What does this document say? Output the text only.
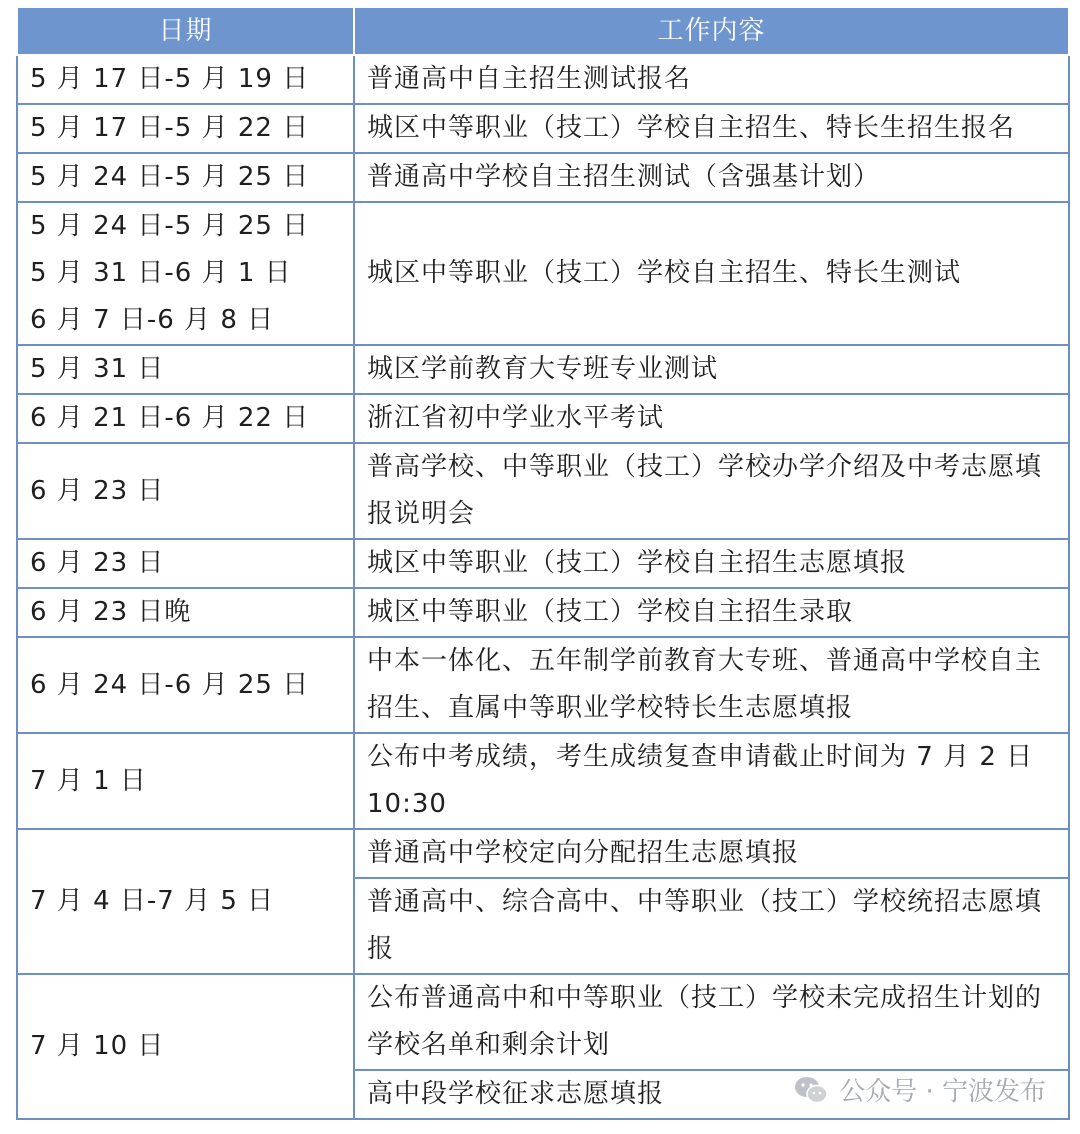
日期	工作内容

5 月 17 日-5 月 19 日	普通高中自主招生测试报名

5 月 17 日-5 月 22 日	城区中等职业（技工）学校自主招生、特长生招生报名

5 月 24 日-5 月 25 日	普通高中学校自主招生测试（含强基计划）

5 月 24 日-5 月 25 日
5 月 31 日-6 月 1 日
6 月 7 日-6 月 8 日	城区中等职业（技工）学校自主招生、特长生测试

5 月 31 日	城区学前教育大专班专业测试

6 月 21 日-6 月 22 日	浙江省初中学业水平考试

6 月 23 日	普高学校、中等职业（技工）学校办学介绍及中考志愿填报说明会

6 月 23 日	城区中等职业（技工）学校自主招生志愿填报

6 月 23 日晚	城区中等职业（技工）学校自主招生录取

6 月 24 日-6 月 25 日	中本一体化、五年制学前教育大专班、普通高中学校自主招生、直属中等职业学校特长生志愿填报

7 月 1 日	公布中考成绩，考生成绩复查申请截止时间为 7 月 2 日 10:30

7 月 4 日-7 月 5 日	普通高中学校定向分配招生志愿填报
	普通高中、综合高中、中等职业（技工）学校统招志愿填报

7 月 10 日	公布普通高中和中等职业（技工）学校未完成招生计划的学校名单和剩余计划
	高中段学校征求志愿填报	公众号 · 宁波发布
